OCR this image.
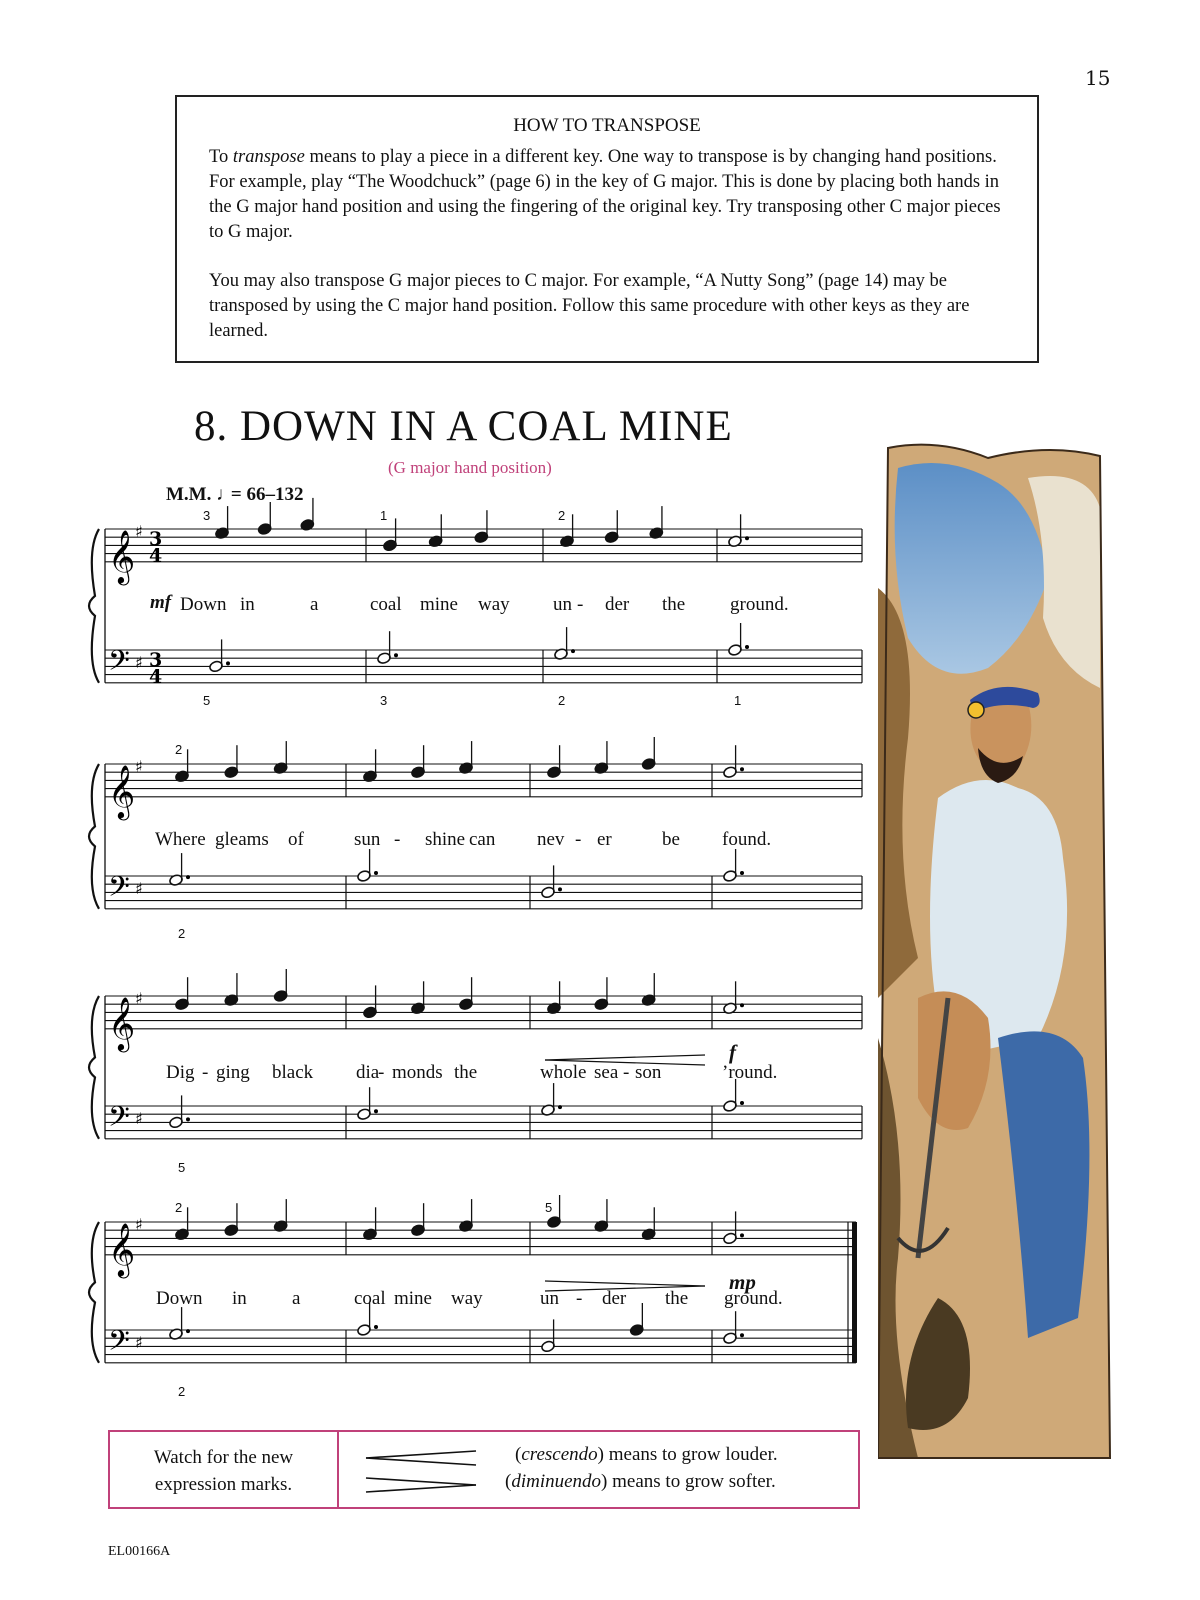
15
HOW TO TRANSPOSE
To transpose means to play a piece in a different key. One way to transpose is by changing hand positions. For example, play “The Woodchuck” (page 6) in the key of G major. This is done by placing both hands in the G major hand position and using the fingering of the original key. Try transposing other C major pieces to G major.
You may also transpose G major pieces to C major. For example, “A Nutty Song” (page 14) may be transposed by using the C major hand position. Follow this same procedure with other keys as they are learned.
8. DOWN IN A COAL MINE
(G major hand position)
M.M. ♩ = 66–132
𝄞
𝄢
♯
♯
3
4
3
4
𝄞
𝄢
♯
♯
𝄞
𝄢
♯
♯
𝄞
𝄢
♯
♯
Down in	a	coal mine way un - der the ground.
Where gleams of	sun - shine can nev - er	be found.
Dig - ging black dia
- monds the	whole sea - son	’round.
Down in a	coal mine way	un - der the ground.
3	1	2
5	3	2	1
2
2
5
2	5
2
mf
f
mp
Watch for the new
expression marks.
(crescendo) means to grow louder.
(diminuendo) means to grow softer.
EL00166A
